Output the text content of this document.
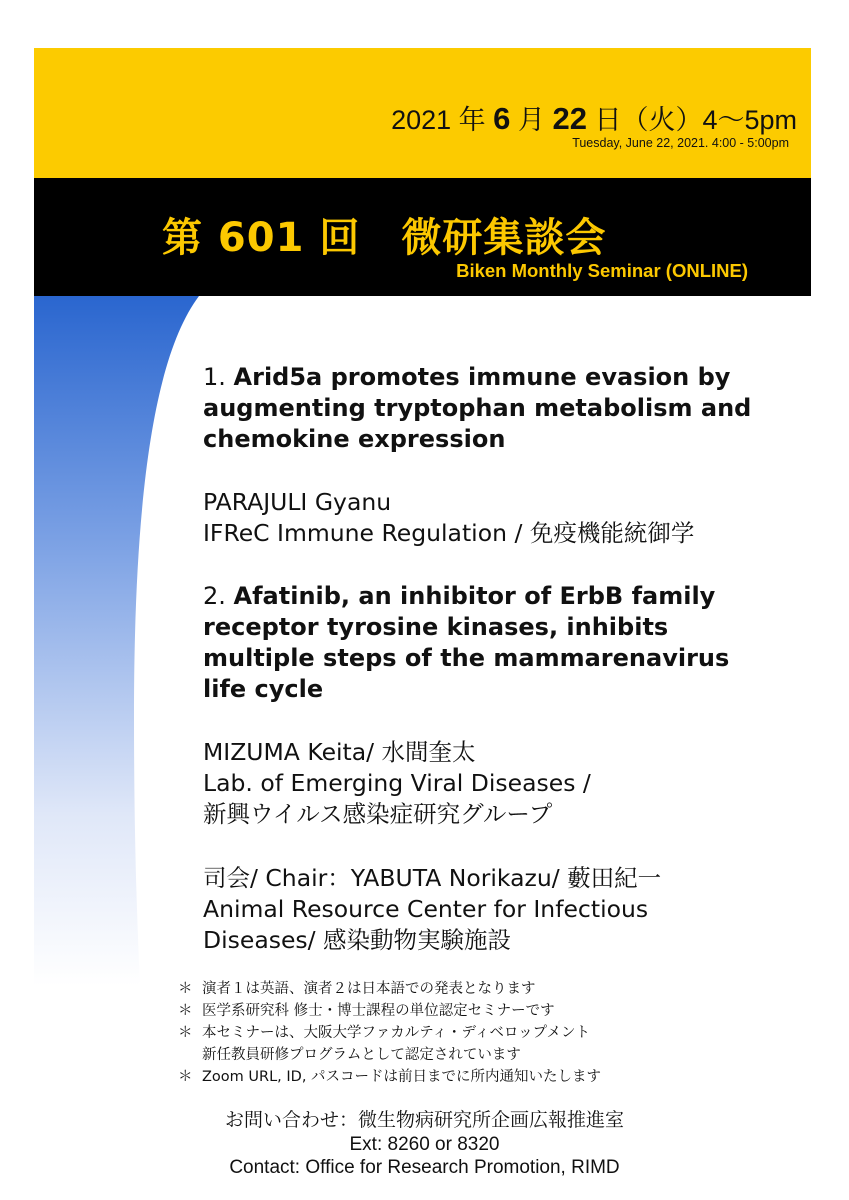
2021 年 6 月 22 日（火）4〜5pm
Tuesday, June 22, 2021. 4:00 - 5:00pm
第 601 回　微研集談会
Biken Monthly Seminar (ONLINE)
1. Arid5a promotes immune evasion by
augmenting tryptophan metabolism and
chemokine expression
PARAJULI Gyanu
IFReC Immune Regulation / 免疫機能統御学
2. Afatinib, an inhibitor of ErbB family
receptor tyrosine kinases, inhibits
multiple steps of the mammarenavirus
life cycle
MIZUMA Keita/ 水間奎太
Lab. of Emerging Viral Diseases /
新興ウイルス感染症研究グループ
司会/ Chair：YABUTA Norikazu/ 藪田紀一
Animal Resource Center for Infectious
Diseases/ 感染動物実験施設
＊ 演者１は英語、演者２は日本語での発表となります
＊ 医学系研究科 修士・博士課程の単位認定セミナーです
＊ 本セミナーは、大阪大学ファカルティ・ディベロップメント
新任教員研修プログラムとして認定されています
＊ Zoom URL, ID, パスコードは前日までに所内通知いたします
お問い合わせ：微生物病研究所企画広報推進室
Ext: 8260 or 8320
Contact: Office for Research Promotion, RIMD
